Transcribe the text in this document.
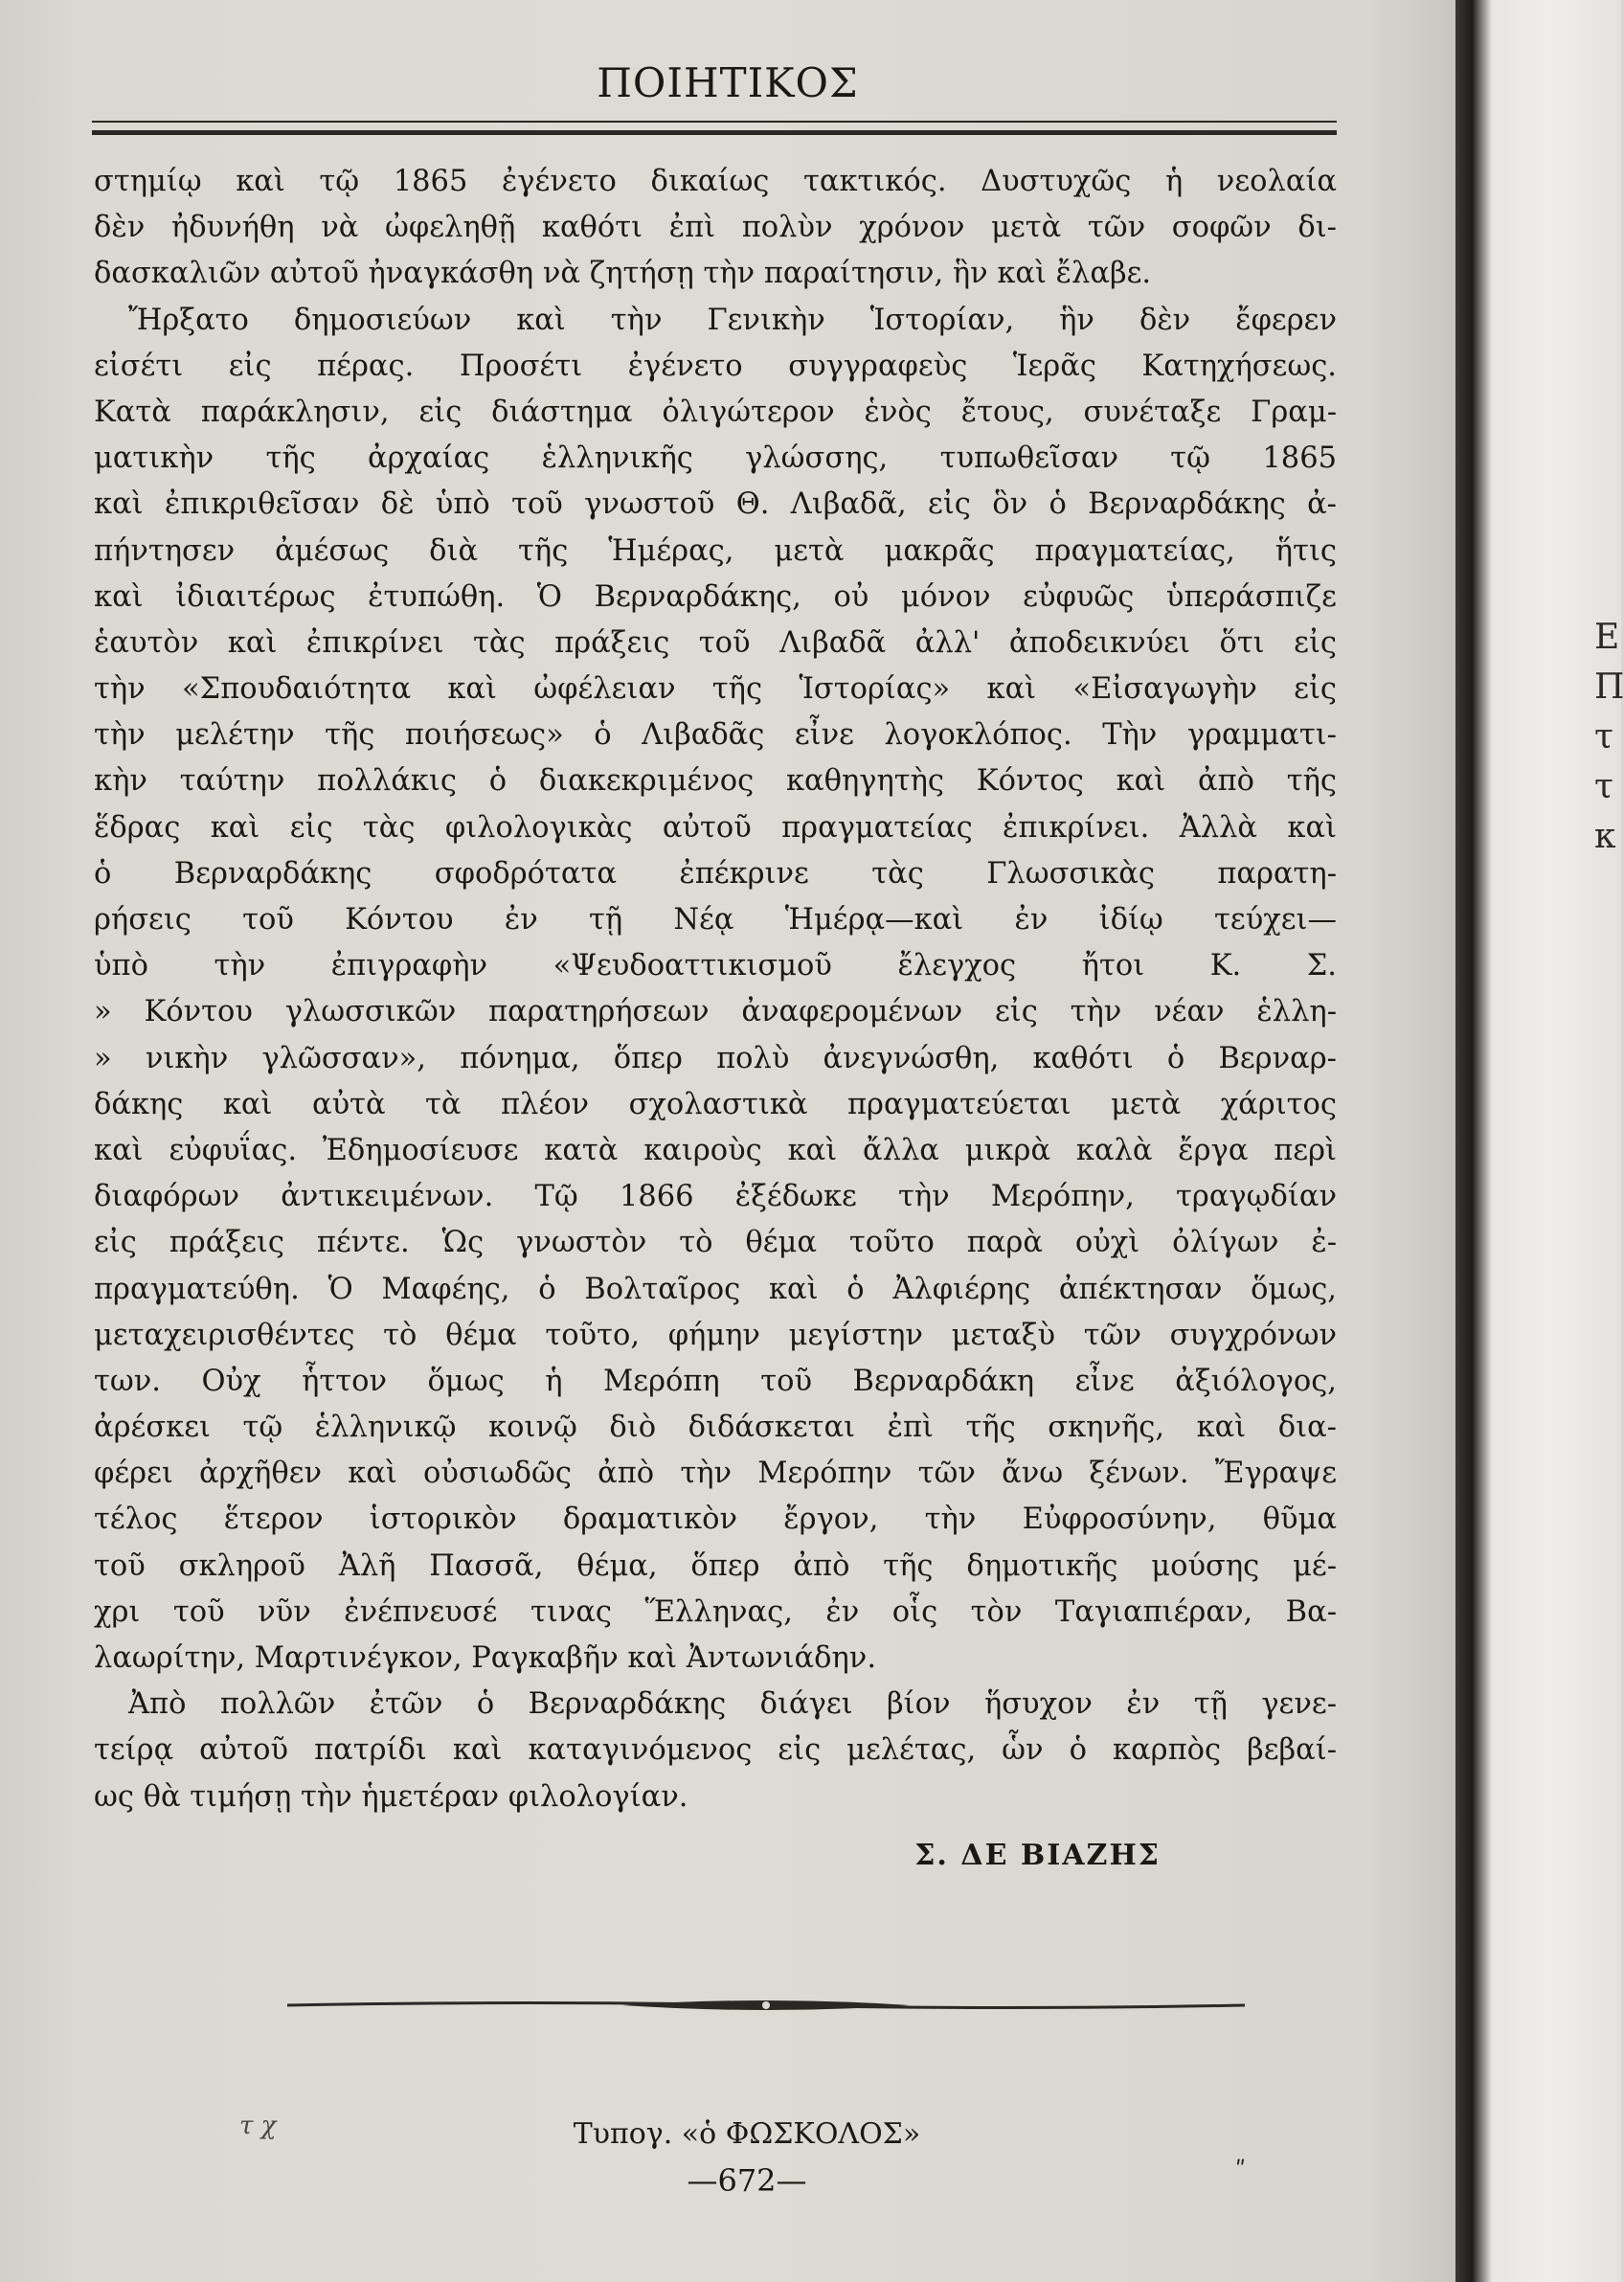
ΠΟΙΗΤΙΚΟΣ
στημίῳ καὶ τῷ 1865 ἐγένετο δικαίως τακτικός. Δυστυχῶς ἡ νεολαία
δὲν ἠδυνήθη νὰ ὠφεληθῇ καθότι ἐπὶ πολὺν χρόνον μετὰ τῶν σοφῶν δι-
δασκαλιῶν αὐτοῦ ἠναγκάσθη νὰ ζητήσῃ τὴν παραίτησιν, ἣν καὶ ἔλαβε.
Ἤρξατο δημοσιεύων καὶ τὴν Γενικὴν Ἱστορίαν, ἣν δὲν ἔφερεν
εἰσέτι εἰς πέρας. Προσέτι ἐγένετο συγγραφεὺς Ἱερᾶς Κατηχήσεως.
Κατὰ παράκλησιν, εἰς διάστημα ὀλιγώτερον ἑνὸς ἔτους, συνέταξε Γραμ-
ματικὴν τῆς ἀρχαίας ἑλληνικῆς γλώσσης, τυπωθεῖσαν τῷ 1865
καὶ ἐπικριθεῖσαν δὲ ὑπὸ τοῦ γνωστοῦ Θ. Λιβαδᾶ, εἰς ὃν ὁ Βερναρδάκης ἀ-
πήντησεν ἀμέσως διὰ τῆς Ἡμέρας, μετὰ μακρᾶς πραγματείας, ἥτις
καὶ ἰδιαιτέρως ἐτυπώθη. Ὁ Βερναρδάκης, οὐ μόνον εὐφυῶς ὑπεράσπιζε
ἑαυτὸν καὶ ἐπικρίνει τὰς πράξεις τοῦ Λιβαδᾶ ἀλλ' ἀποδεικνύει ὅτι εἰς
τὴν «Σπουδαιότητα καὶ ὠφέλειαν τῆς Ἱστορίας» καὶ «Εἰσαγωγὴν εἰς
τὴν μελέτην τῆς ποιήσεως» ὁ Λιβαδᾶς εἶνε λογοκλόπος. Τὴν γραμματι-
κὴν ταύτην πολλάκις ὁ διακεκριμένος καθηγητὴς Κόντος καὶ ἀπὸ τῆς
ἕδρας καὶ εἰς τὰς φιλολογικὰς αὐτοῦ πραγματείας ἐπικρίνει. Ἀλλὰ καὶ
ὁ Βερναρδάκης σφοδρότατα ἐπέκρινε τὰς Γλωσσικὰς παρατη-
ρήσεις τοῦ Κόντου ἐν τῇ Νέᾳ Ἡμέρᾳ—καὶ ἐν ἰδίῳ τεύχει—
ὑπὸ τὴν ἐπιγραφὴν «Ψευδοαττικισμοῦ ἔλεγχος ἤτοι Κ. Σ.
» Κόντου γλωσσικῶν παρατηρήσεων ἀναφερομένων εἰς τὴν νέαν ἑλλη-
» νικὴν γλῶσσαν», πόνημα, ὅπερ πολὺ ἀνεγνώσθη, καθότι ὁ Βερναρ-
δάκης καὶ αὐτὰ τὰ πλέον σχολαστικὰ πραγματεύεται μετὰ χάριτος
καὶ εὐφυΐας. Ἐδημοσίευσε κατὰ καιροὺς καὶ ἄλλα μικρὰ καλὰ ἔργα περὶ
διαφόρων ἀντικειμένων. Τῷ 1866 ἐξέδωκε τὴν Μερόπην, τραγῳδίαν
εἰς πράξεις πέντε. Ὡς γνωστὸν τὸ θέμα τοῦτο παρὰ οὐχὶ ὀλίγων ἐ-
πραγματεύθη. Ὁ Μαφέης, ὁ Βολταῖρος καὶ ὁ Ἀλφιέρης ἀπέκτησαν ὅμως,
μεταχειρισθέντες τὸ θέμα τοῦτο, φήμην μεγίστην μεταξὺ τῶν συγχρόνων
των. Οὐχ ἧττον ὅμως ἡ Μερόπη τοῦ Βερναρδάκη εἶνε ἀξιόλογος,
ἀρέσκει τῷ ἑλληνικῷ κοινῷ διὸ διδάσκεται ἐπὶ τῆς σκηνῆς, καὶ δια-
φέρει ἀρχῆθεν καὶ οὐσιωδῶς ἀπὸ τὴν Μερόπην τῶν ἄνω ξένων. Ἔγραψε
τέλος ἕτερον ἱστορικὸν δραματικὸν ἔργον, τὴν Εὐφροσύνην, θῦμα
τοῦ σκληροῦ Ἀλῆ Πασσᾶ, θέμα, ὅπερ ἀπὸ τῆς δημοτικῆς μούσης μέ-
χρι τοῦ νῦν ἐνέπνευσέ τινας Ἕλληνας, ἐν οἷς τὸν Ταγιαπιέραν, Βα-
λαωρίτην, Μαρτινέγκον, Ραγκαβῆν καὶ Ἀντωνιάδην.
Ἀπὸ πολλῶν ἐτῶν ὁ Βερναρδάκης διάγει βίον ἥσυχον ἐν τῇ γενε-
τείρᾳ αὐτοῦ πατρίδι καὶ καταγινόμενος εἰς μελέτας, ὧν ὁ καρπὸς βεβαί-
ως θὰ τιμήσῃ τὴν ἡμετέραν φιλολογίαν.
Σ. ΔΕ ΒΙΑΖΗΣ
τ χ	Τυπογ. «ὁ ΦΩΣΚΟΛΟΣ»
—672—	ʺ
Ε
Π
τ
τ
κ
